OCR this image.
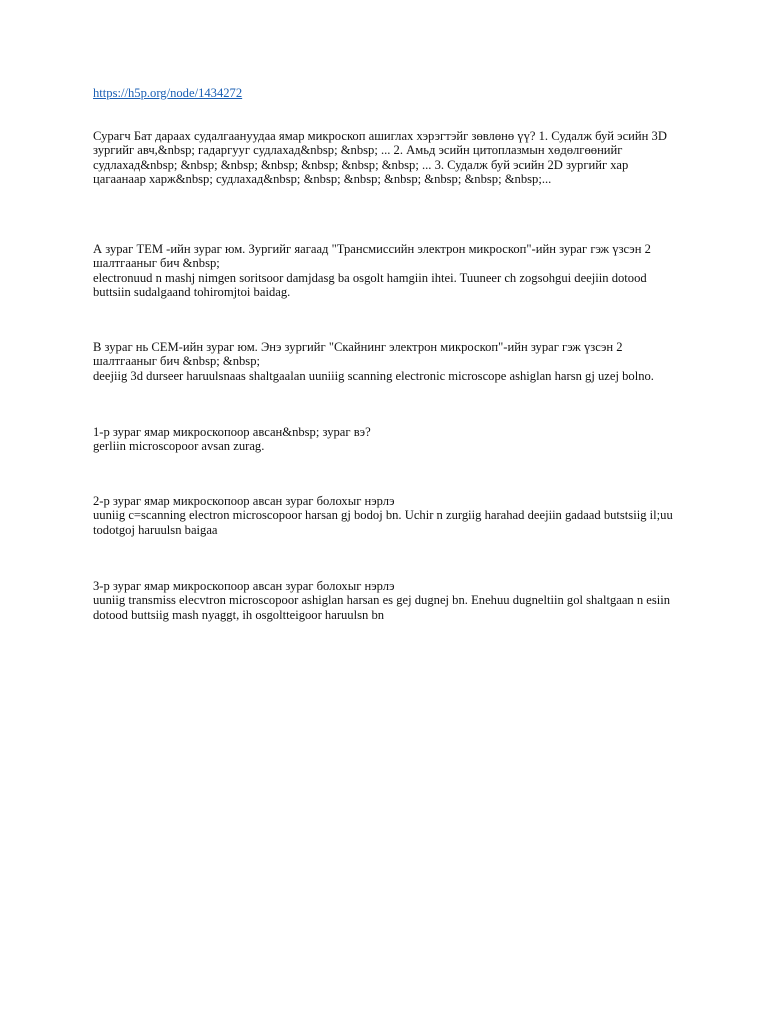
https://h5p.org/node/1434272

Сурагч Бат дараах судалгаануудаа ямар микроскоп ашиглах хэрэгтэйг зөвлөнө үү? 1. Судалж буй эсийн 3D зургийг авч,&nbsp; гадаргууг судлахад&nbsp; &nbsp; ... 2. Амьд эсийн цитоплазмын хөдөлгөөнийг судлахад&nbsp; &nbsp; &nbsp; &nbsp; &nbsp; &nbsp; &nbsp; ... 3. Судалж буй эсийн 2D зургийг хар цагаанаар харж&nbsp; судлахад&nbsp; &nbsp; &nbsp; &nbsp; &nbsp; &nbsp; &nbsp;...

А зураг ТЕМ -ийн зураг юм. Зургийг яагаад "Трансмиссийн электрон микроскоп"-ийн зураг гэж үзсэн 2 шалтгааныг бич &nbsp;

electronuud n mashj nimgen soritsoor damjdasg ba osgolt hamgiin ihtei. Tuuneer ch zogsohgui deejiin dotood buttsiin sudalgaand tohiromjtoi baidag.

В зураг нь СЕМ-ийн зураг юм. Энэ зургийг "Скайнинг электрон микроскоп"-ийн зураг гэж үзсэн 2 шалтгааныг бич &nbsp; &nbsp;

deejiig 3d durseer haruulsnaas shaltgaalan uuniiig scanning electronic microscope ashiglan harsn gj uzej bolno.

1-р зураг ямар микроскопоор авсан&nbsp; зураг вэ?

gerliin microscopoor avsan zurag.

2-р зураг ямар микроскопоор авсан зураг болохыг нэрлэ

uuniig c=scanning electron microscopoor harsan gj bodoj bn. Uchir n zurgiig harahad deejiin gadaad butstsiig il;uu todotgoj haruulsn baigaa

3-р зураг ямар микроскопоор авсан зураг болохыг нэрлэ

uuniig transmiss elecvtron microscopoor ashiglan harsan es gej dugnej bn. Enehuu dugneltiin gol shaltgaan n esiin dotood buttsiig mash nyaggt, ih osgoltteigoor haruulsn bn
